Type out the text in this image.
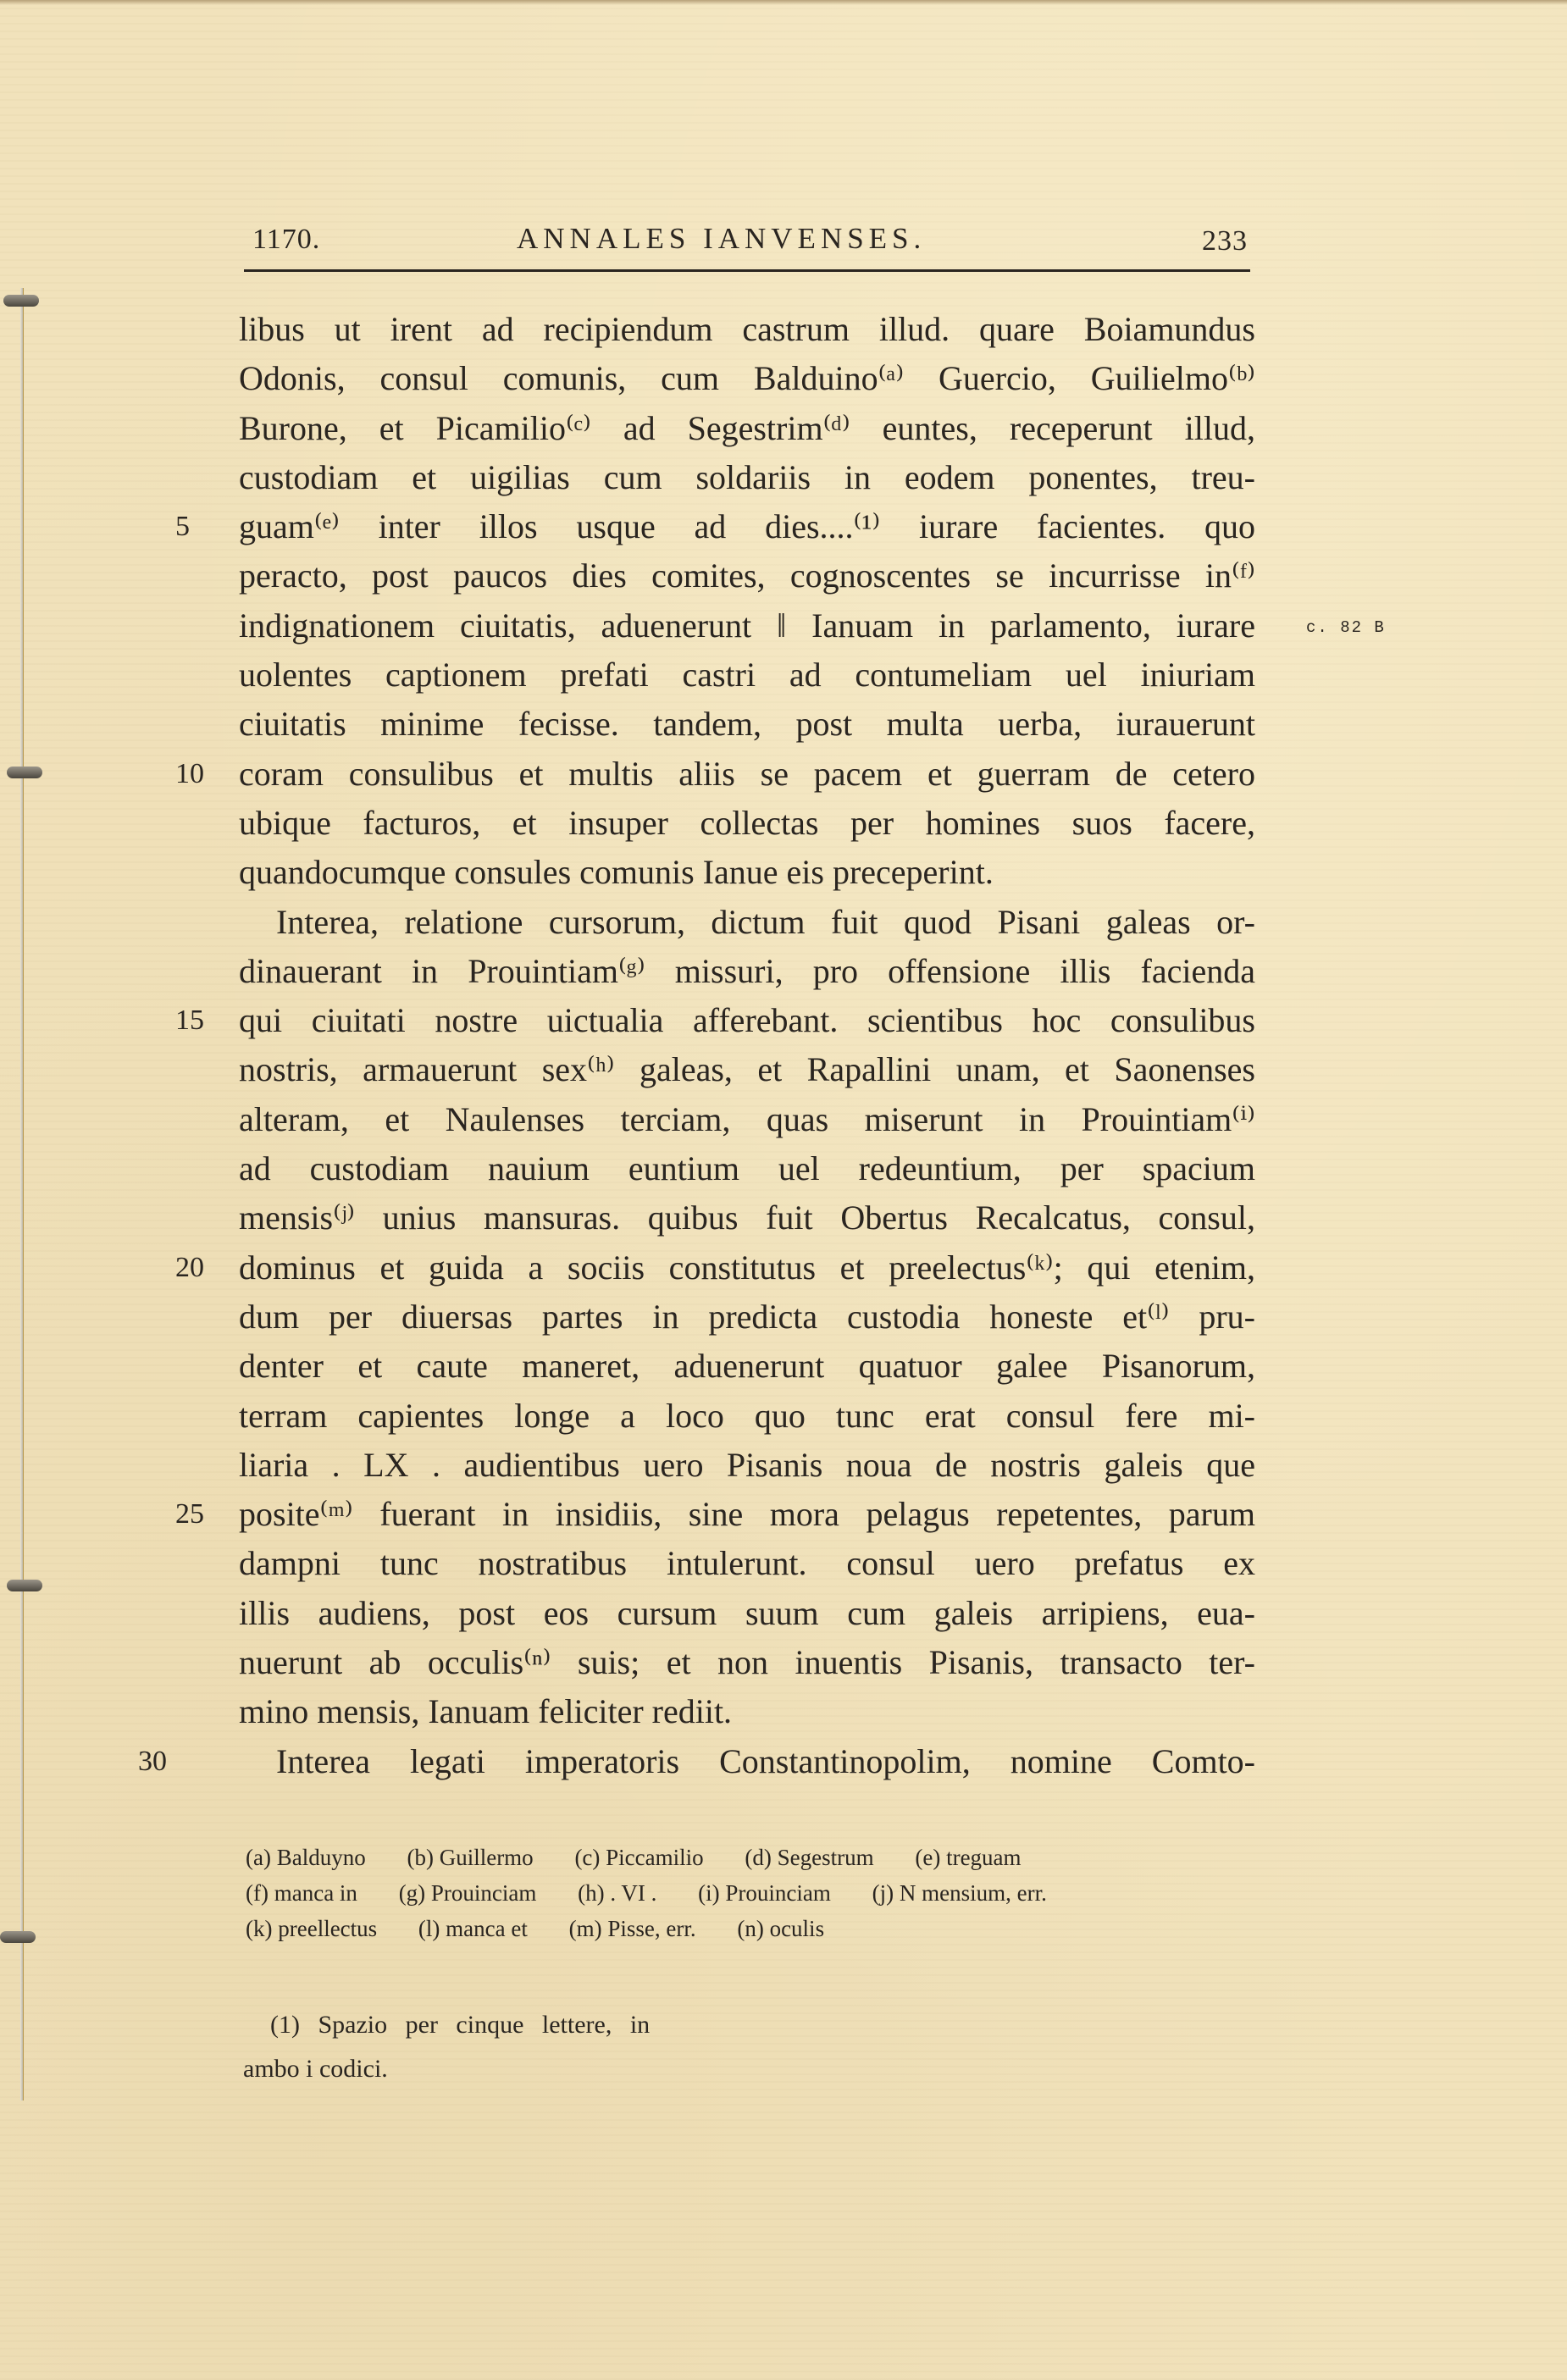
1170.	ANNALES IANVENSES.	233
c. 82 B
libus ut irent ad recipiendum castrum illud. quare Boiamundus
Odonis, consul comunis, cum Balduino⁽ᵃ⁾ Guercio, Guilielmo⁽ᵇ⁾
Burone, et Picamilio⁽ᶜ⁾ ad Segestrim⁽ᵈ⁾ euntes, receperunt illud,
custodiam et uigilias cum soldariis in eodem ponentes, treu-
5	guam⁽ᵉ⁾ inter illos usque ad dies....⁽¹⁾ iurare facientes. quo
peracto, post paucos dies comites, cognoscentes se incurrisse in⁽ᶠ⁾
indignationem ciuitatis, aduenerunt ‖ Ianuam in parlamento, iurare
uolentes captionem prefati castri ad contumeliam uel iniuriam
ciuitatis minime fecisse. tandem, post multa uerba, iurauerunt
10	coram consulibus et multis aliis se pacem et guerram de cetero
ubique facturos, et insuper collectas per homines suos facere,
quandocumque consules comunis Ianue eis preceperint.
Interea, relatione cursorum, dictum fuit quod Pisani galeas or-
dinauerant in Prouintiam⁽ᵍ⁾ missuri, pro offensione illis facienda
15	qui ciuitati nostre uictualia afferebant. scientibus hoc consulibus
nostris, armauerunt sex⁽ʰ⁾ galeas, et Rapallini unam, et Saonenses
alteram, et Naulenses terciam, quas miserunt in Prouintiam⁽ⁱ⁾
ad custodiam nauium euntium uel redeuntium, per spacium
mensis⁽ʲ⁾ unius mansuras. quibus fuit Obertus Recalcatus, consul,
20	dominus et guida a sociis constitutus et preelectus⁽ᵏ⁾; qui etenim,
dum per diuersas partes in predicta custodia honeste et⁽ˡ⁾ pru-
denter et caute maneret, aduenerunt quatuor galee Pisanorum,
terram capientes longe a loco quo tunc erat consul fere mi-
liaria . LX . audientibus uero Pisanis noua de nostris galeis que
25	posite⁽ᵐ⁾ fuerant in insidiis, sine mora pelagus repetentes, parum
dampni tunc nostratibus intulerunt. consul uero prefatus ex
illis audiens, post eos cursum suum cum galeis arripiens, eua-
nuerunt ab occulis⁽ⁿ⁾ suis; et non inuentis Pisanis, transacto ter-
mino mensis, Ianuam feliciter rediit.
30	Interea legati imperatoris Constantinopolim, nomine Comto-
(a) Balduyno (b) Guillermo (c) Piccamilio (d) Segestrum (e) treguam
(f) manca in (g) Prouinciam (h) . VI . (i) Prouinciam (j) N mensium, err.
(k) preellectus (l) manca et (m) Pisse, err. (n) oculis
(1) Spazio per cinque lettere, in
ambo i codici.
